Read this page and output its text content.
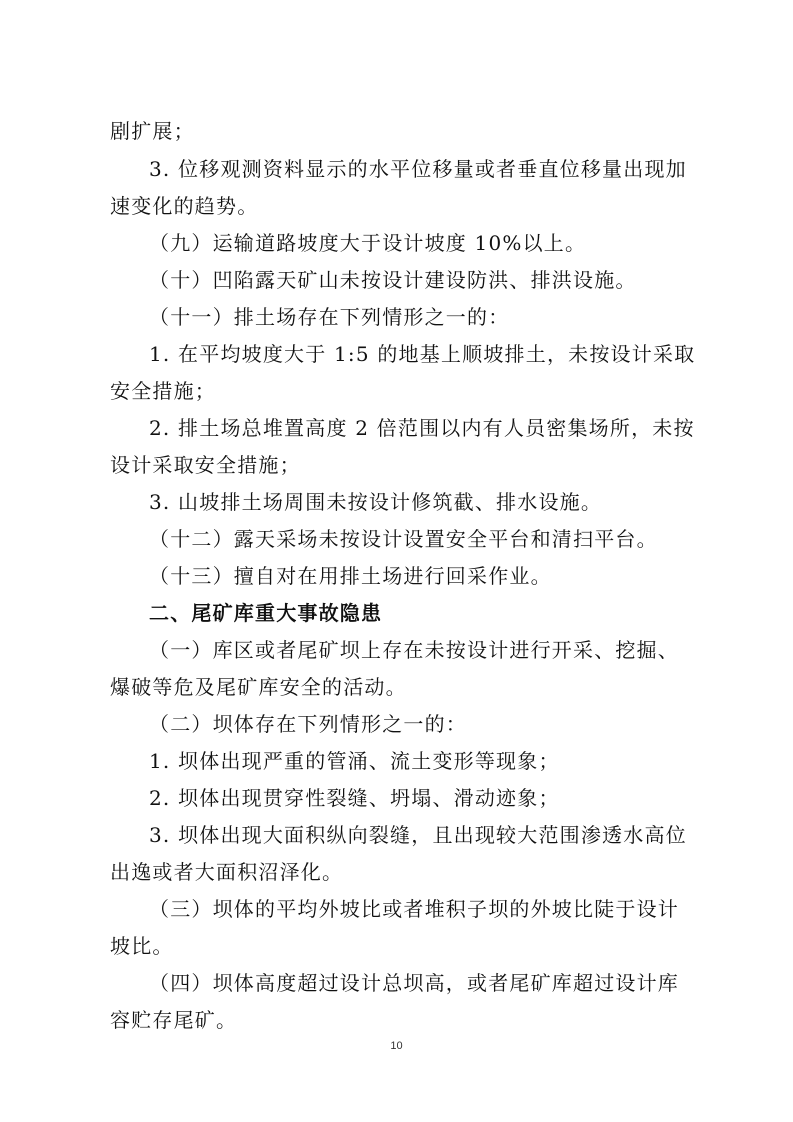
剧扩展；
3. 位移观测资料显示的水平位移量或者垂直位移量出现加
速变化的趋势。
（九）运输道路坡度大于设计坡度 10%以上。
（十）凹陷露天矿山未按设计建设防洪、排洪设施。
（十一）排土场存在下列情形之一的：
1. 在平均坡度大于 1:5 的地基上顺坡排土，未按设计采取
安全措施；
2. 排土场总堆置高度 2 倍范围以内有人员密集场所，未按
设计采取安全措施；
3. 山坡排土场周围未按设计修筑截、排水设施。
（十二）露天采场未按设计设置安全平台和清扫平台。
（十三）擅自对在用排土场进行回采作业。
二、尾矿库重大事故隐患
（一）库区或者尾矿坝上存在未按设计进行开采、挖掘、
爆破等危及尾矿库安全的活动。
（二）坝体存在下列情形之一的：
1. 坝体出现严重的管涌、流土变形等现象；
2. 坝体出现贯穿性裂缝、坍塌、滑动迹象；
3. 坝体出现大面积纵向裂缝，且出现较大范围渗透水高位
出逸或者大面积沼泽化。
（三）坝体的平均外坡比或者堆积子坝的外坡比陡于设计
坡比。
（四）坝体高度超过设计总坝高，或者尾矿库超过设计库
容贮存尾矿。
10
